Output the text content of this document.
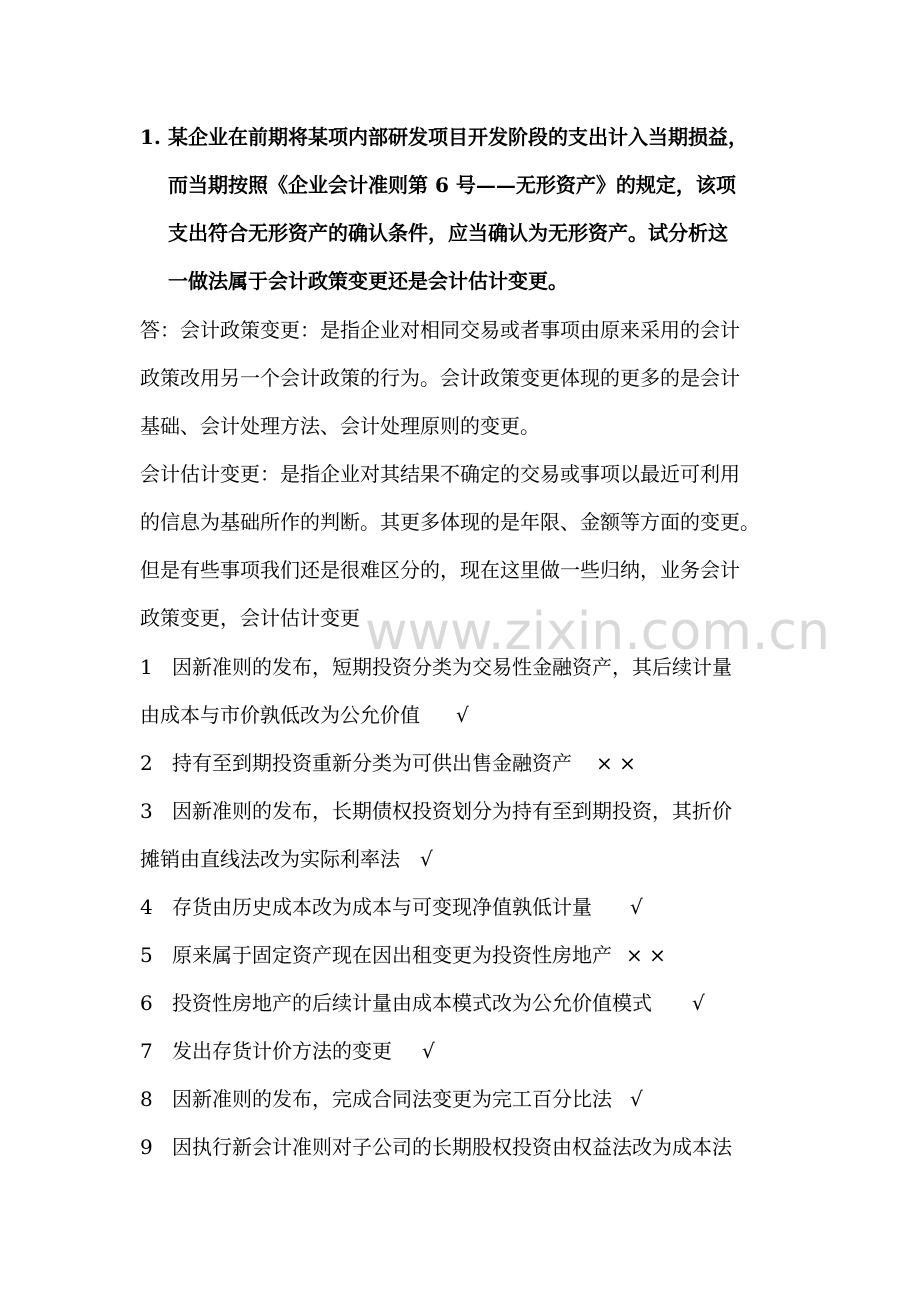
1. 某企业在前期将某项内部研发项目开发阶段的支出计入当期损益，
而当期按照《企业会计准则第 6 号——无形资产》的规定，该项
支出符合无形资产的确认条件，应当确认为无形资产。试分析这
一做法属于会计政策变更还是会计估计变更。
答：会计政策变更：是指企业对相同交易或者事项由原来采用的会计
政策改用另一个会计政策的行为。会计政策变更体现的更多的是会计
基础、会计处理方法、会计处理原则的变更。
会计估计变更：是指企业对其结果不确定的交易或事项以最近可利用
的信息为基础所作的判断。其更多体现的是年限、金额等方面的变更。
但是有些事项我们还是很难区分的，现在这里做一些归纳，业务会计
政策变更，会计估计变更 www.zixin.com.cn
1 因新准则的发布，短期投资分类为交易性金融资产，其后续计量
由成本与市价孰低改为公允价值 √
2 持有至到期投资重新分类为可供出售金融资产 × ×
3 因新准则的发布，长期债权投资划分为持有至到期投资，其折价
摊销由直线法改为实际利率法 √
4 存货由历史成本改为成本与可变现净值孰低计量 √
5 原来属于固定资产现在因出租变更为投资性房地产 × ×
6 投资性房地产的后续计量由成本模式改为公允价值模式 √
7 发出存货计价方法的变更 √
8 因新准则的发布，完成合同法变更为完工百分比法 √
9 因执行新会计准则对子公司的长期股权投资由权益法改为成本法
